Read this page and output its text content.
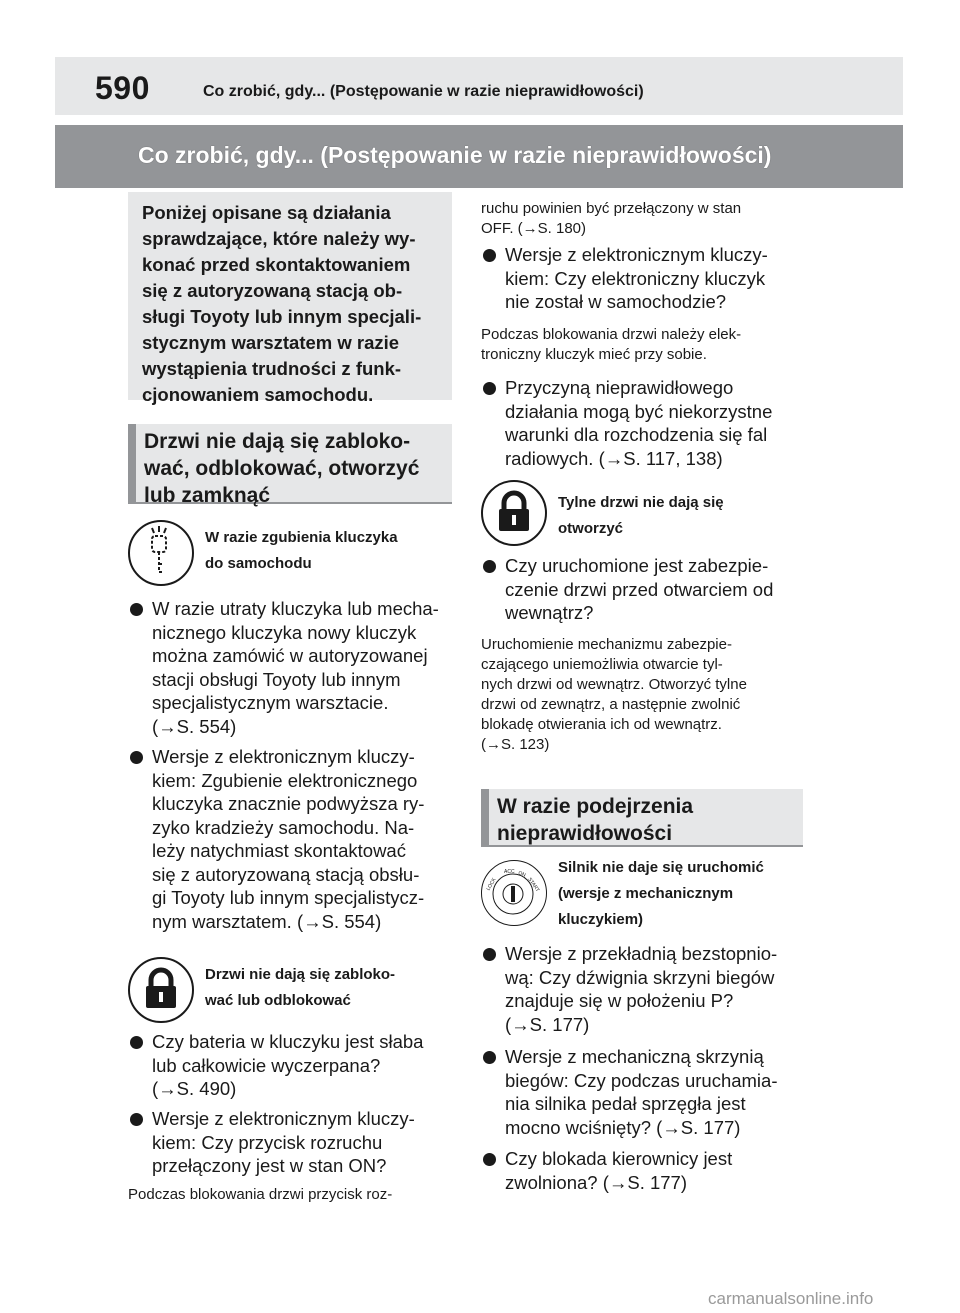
590	Co zrobić, gdy... (Postępowanie w razie nieprawidłowości)
Co zrobić, gdy... (Postępowanie w razie nieprawidłowości)

Poniżej opisane są działania
sprawdzające, które należy wy-
konać przed skontaktowaniem
się z autoryzowaną stacją ob-
sługi Toyoty lub innym specjali-
stycznym warsztatem w razie
wystąpienia trudności z funk-
cjonowaniem samochodu.

Drzwi nie dają się zabloko-
wać, odblokować, otworzyć
lub zamknąć
W razie zgubienia kluczyka
do samochodu
W razie utraty kluczyka lub mecha-
nicznego kluczyka nowy kluczyk
można zamówić w autoryzowanej
stacji obsługi Toyoty lub innym
specjalistycznym warsztacie.
(→S. 554)
Wersje z elektronicznym kluczy-
kiem: Zgubienie elektronicznego
kluczyka znacznie podwyższa ry-
zyko kradzieży samochodu. Na-
leży natychmiast skontaktować
się z autoryzowaną stacją obsłu-
gi Toyoty lub innym specjalistycz-
nym warsztatem. (→S. 554)
Drzwi nie dają się zabloko-
wać lub odblokować
Czy bateria w kluczyku jest słaba
lub całkowicie wyczerpana?
(→S. 490)
Wersje z elektronicznym kluczy-
kiem: Czy przycisk rozruchu
przełączony jest w stan ON?
Podczas blokowania drzwi przycisk roz-
ruchu powinien być przełączony w stan
OFF. (→S. 180)
Wersje z elektronicznym kluczy-
kiem: Czy elektroniczny kluczyk
nie został w samochodzie?
Podczas blokowania drzwi należy elek-
troniczny kluczyk mieć przy sobie.
Przyczyną nieprawidłowego
działania mogą być niekorzystne
warunki dla rozchodzenia się fal
radiowych. (→S. 117, 138)
Tylne drzwi nie dają się
otworzyć
Czy uruchomione jest zabezpie-
czenie drzwi przed otwarciem od
wewnątrz?
Uruchomienie mechanizmu zabezpie-
czającego uniemożliwia otwarcie tyl-
nych drzwi od wewnątrz. Otworzyć tylne
drzwi od zewnątrz, a następnie zwolnić
blokadę otwierania ich od wewnątrz.
(→S. 123)
W razie podejrzenia
nieprawidłowości
LOCK
ACC ON
START
Silnik nie daje się uruchomić
(wersje z mechanicznym
kluczykiem)
Wersje z przekładnią bezstopnio-
wą: Czy dźwignia skrzyni biegów
znajduje się w położeniu P?
(→S. 177)
Wersje z mechaniczną skrzynią
biegów: Czy podczas uruchamia-
nia silnika pedał sprzęgła jest
mocno wciśnięty? (→S. 177)
Czy blokada kierownicy jest
zwolniona? (→S. 177)
carmanualsonline.info
